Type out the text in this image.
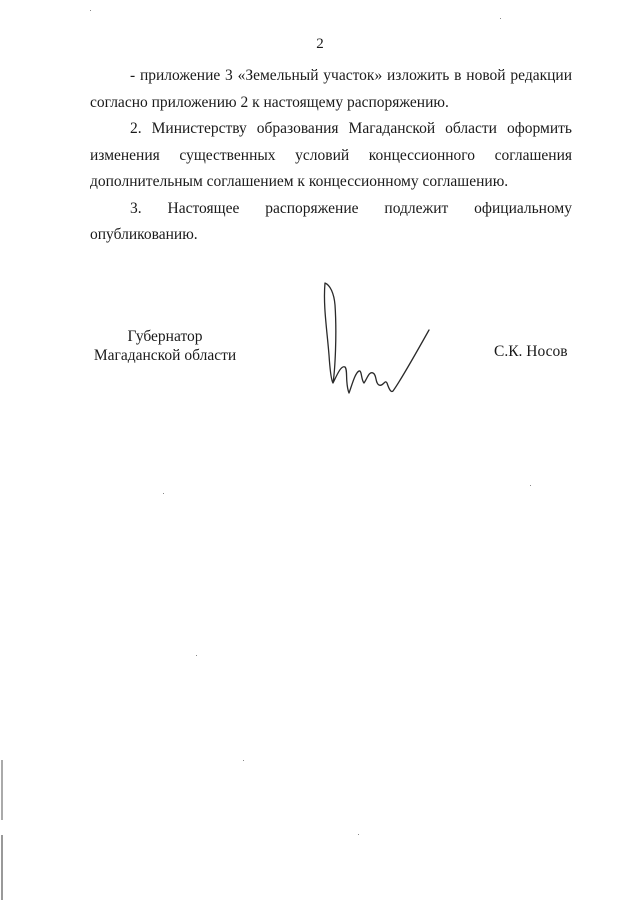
2

- приложение 3 «Земельный участок» изложить в новой редакции согласно приложению 2 к настоящему распоряжению.

2. Министерству образования Магаданской области оформить изменения существенных условий концессионного соглашения дополнительным соглашением к концессионному соглашению.

3. Настоящее распоряжение подлежит официальному опубликованию.

Губернатор
Магаданской области	С.К. Носов
